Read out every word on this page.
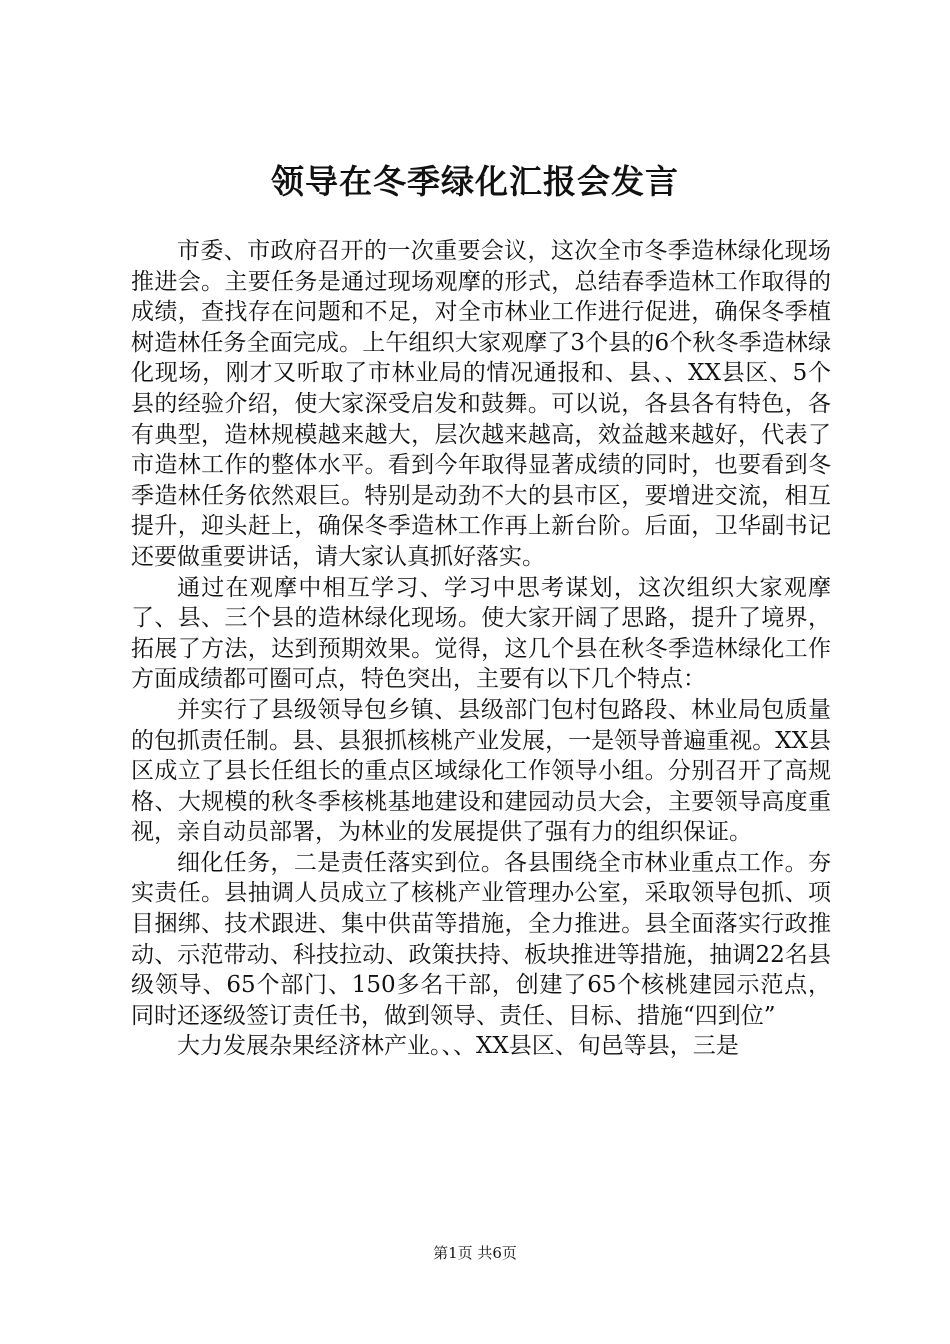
领导在冬季绿化汇报会发言

市委、市政府召开的一次重要会议，这次全市冬季造林绿化现场推进会。主要任务是通过现场观摩的形式，总结春季造林工作取得的成绩，查找存在问题和不足，对全市林业工作进行促进，确保冬季植树造林任务全面完成。上午组织大家观摩了3个县的6个秋冬季造林绿化现场，刚才又听取了市林业局的情况通报和、县、、XX县区、5个县的经验介绍，使大家深受启发和鼓舞。可以说，各县各有特色，各有典型，造林规模越来越大，层次越来越高，效益越来越好，代表了市造林工作的整体水平。看到今年取得显著成绩的同时，也要看到冬季造林任务依然艰巨。特别是动劲不大的县市区，要增进交流，相互提升，迎头赶上，确保冬季造林工作再上新台阶。后面，卫华副书记还要做重要讲话，请大家认真抓好落实。

通过在观摩中相互学习、学习中思考谋划，这次组织大家观摩了、县、三个县的造林绿化现场。使大家开阔了思路，提升了境界，拓展了方法，达到预期效果。觉得，这几个县在秋冬季造林绿化工作方面成绩都可圈可点，特色突出，主要有以下几个特点：

并实行了县级领导包乡镇、县级部门包村包路段、林业局包质量的包抓责任制。县、县狠抓核桃产业发展，一是领导普遍重视。XX县区成立了县长任组长的重点区域绿化工作领导小组。分别召开了高规格、大规模的秋冬季核桃基地建设和建园动员大会，主要领导高度重视，亲自动员部署，为林业的发展提供了强有力的组织保证。

细化任务，二是责任落实到位。各县围绕全市林业重点工作。夯实责任。县抽调人员成立了核桃产业管理办公室，采取领导包抓、项目捆绑、技术跟进、集中供苗等措施，全力推进。县全面落实行政推动、示范带动、科技拉动、政策扶持、板块推进等措施，抽调22名县级领导、65个部门、150多名干部，创建了65个核桃建园示范点，同时还逐级签订责任书，做到领导、责任、目标、措施“四到位”

大力发展杂果经济林产业。、、XX县区、旬邑等县，三是

第1页 共6页
